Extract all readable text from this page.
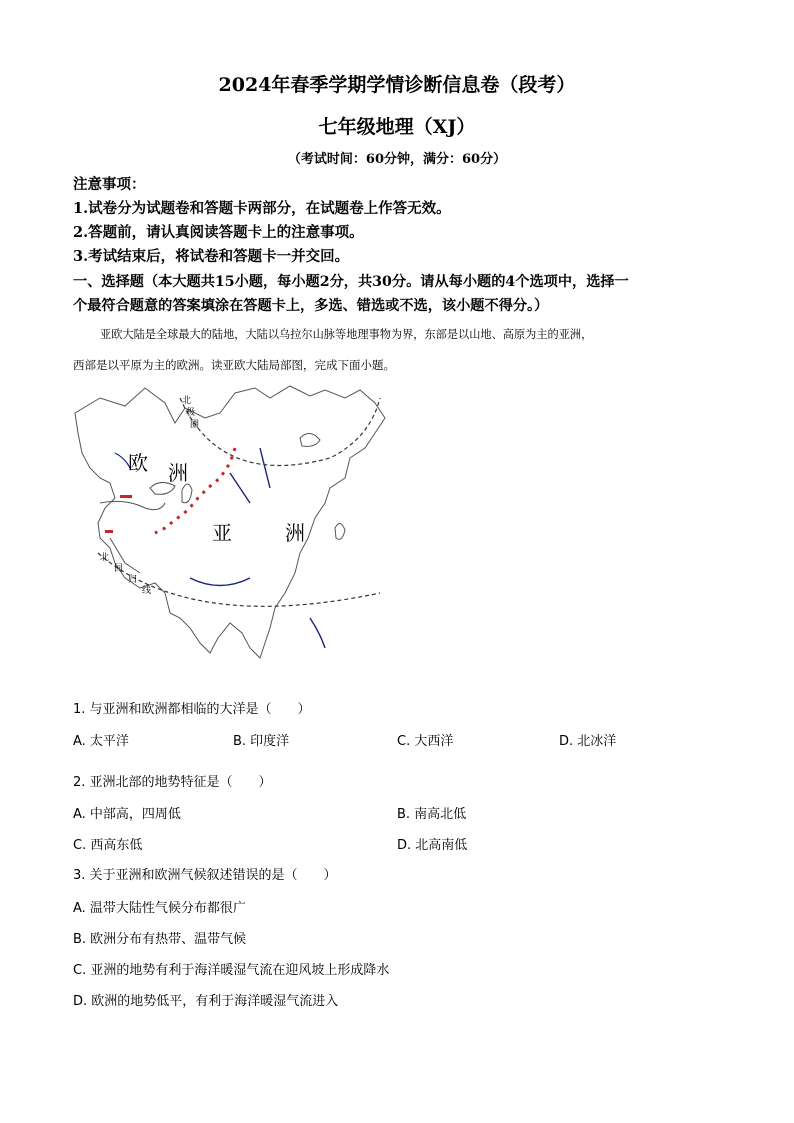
2024年春季学期学情诊断信息卷（段考）
七年级地理（XJ）
（考试时间：60分钟，满分：60分）
注意事项：
1.试卷分为试题卷和答题卡两部分，在试题卷上作答无效。
2.答题前，请认真阅读答题卡上的注意事项。
3.考试结束后，将试卷和答题卡一并交回。
一、选择题（本大题共15小题，每小题2分，共30分。请从每小题的4个选项中，选择一
个最符合题意的答案填涂在答题卡上，多选、错选或不选，该小题不得分。）
亚欧大陆是全球最大的陆地，大陆以乌拉尔山脉等地理事物为界，东部是以山地、高原为主的亚洲，
西部是以平原为主的欧洲。读亚欧大陆局部图，完成下面小题。
欧 洲
亚	洲
北
极
圈
北
回
归
线
1. 与亚洲和欧洲都相临的大洋是（　　）
A. 太平洋	B. 印度洋	C. 大西洋	D. 北冰洋
2. 亚洲北部的地势特征是（　　）
A. 中部高，四周低	B. 南高北低
C. 西高东低	D. 北高南低
3. 关于亚洲和欧洲气候叙述错误的是（　　）
A. 温带大陆性气候分布都很广
B. 欧洲分布有热带、温带气候
C. 亚洲的地势有利于海洋暖湿气流在迎风坡上形成降水
D. 欧洲的地势低平，有利于海洋暖湿气流进入
